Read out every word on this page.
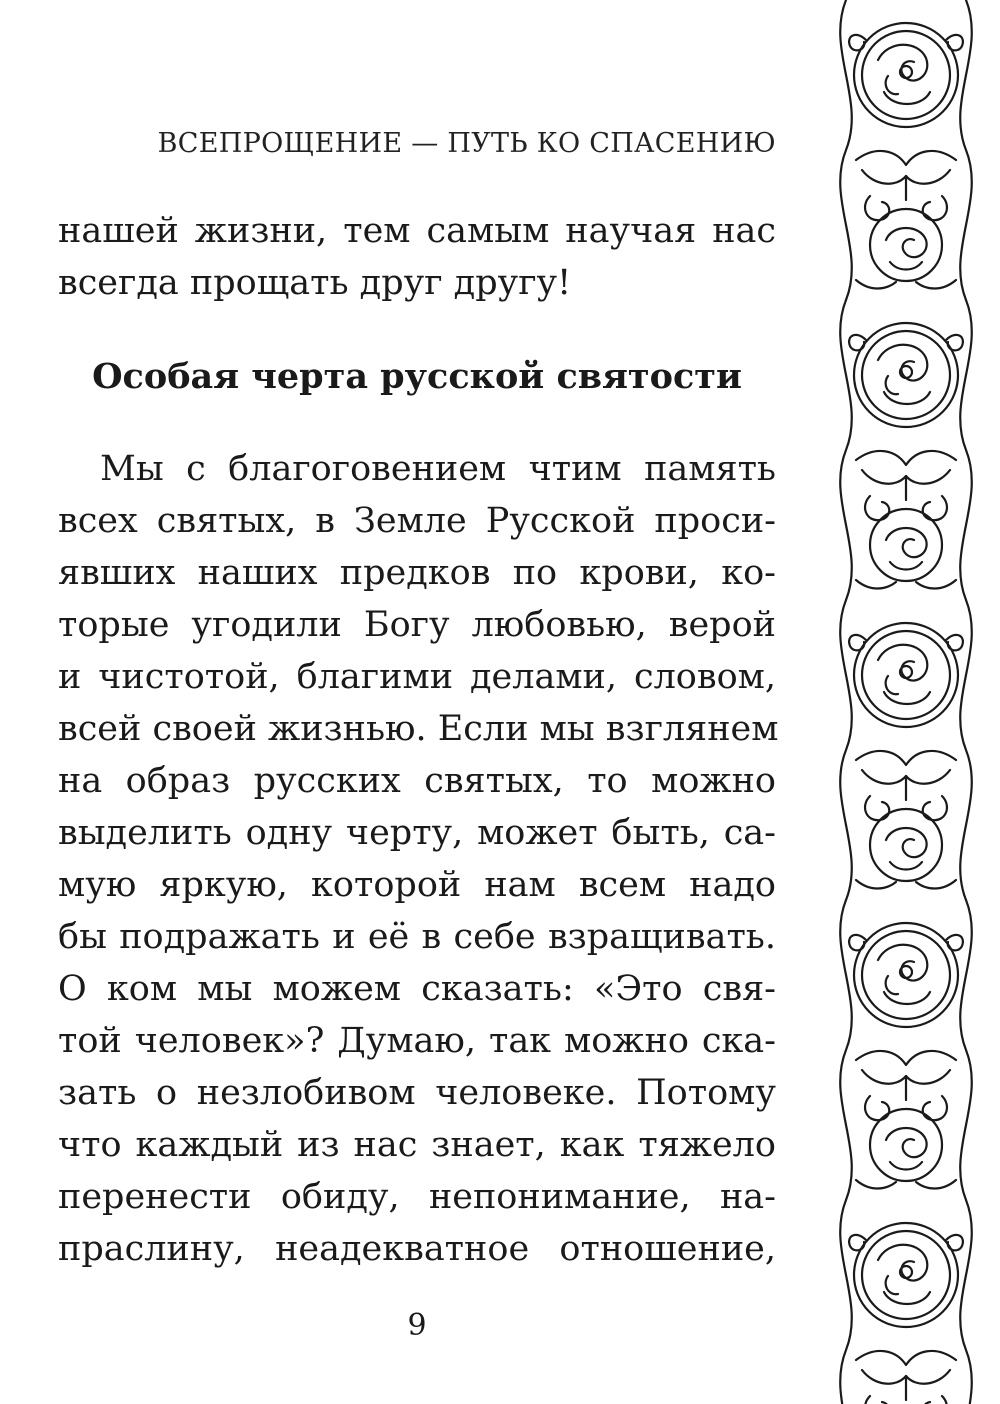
ВСЕПРОЩЕНИЕ — ПУТЬ КО СПАСЕНИЮ
нашей жизни, тем самым научая нас
всегда прощать друг другу!
Особая черта русской святости
Мы с благоговением чтим память
всех святых, в Земле Русской проси-
явших наших предков по крови, ко-
торые угодили Богу любовью, верой
и чистотой, благими делами, словом,
всей своей жизнью. Если мы взглянем
на образ русских святых, то можно
выделить одну черту, может быть, са-
мую яркую, которой нам всем надо
бы подражать и её в себе взращивать.
О ком мы можем сказать: «Это свя-
той человек»? Думаю, так можно ска-
зать о незлобивом человеке. Потому
что каждый из нас знает, как тяжело
перенести обиду, непонимание, на-
праслину, неадекватное отношение,
9
